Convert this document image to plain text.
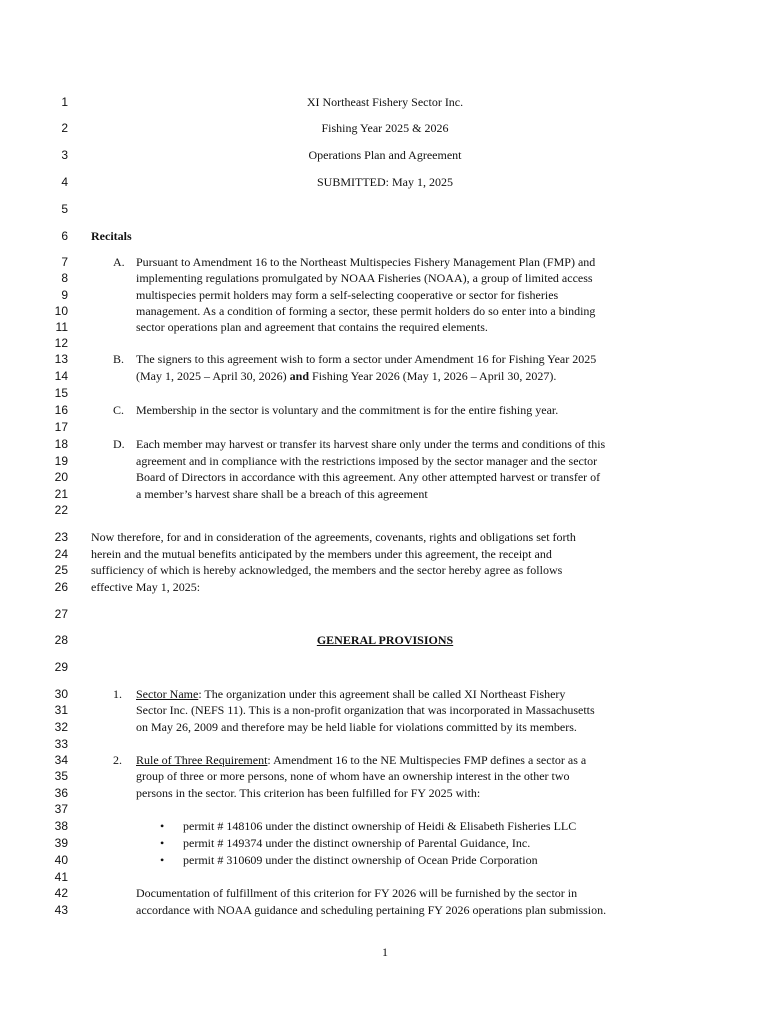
1
2
3
4
5
6
7
8
9
10
11
12
13
14
15
16
17
18
19
20
21
22
23
24
25
26
27
28
29
30
31
32
33
34
35
36
37
38
39
40
41
42
43
XI Northeast Fishery Sector Inc.
Fishing Year 2025 & 2026
Operations Plan and Agreement
SUBMITTED: May 1, 2025
Recitals
A. Pursuant to Amendment 16 to the Northeast Multispecies Fishery Management Plan (FMP) and
implementing regulations promulgated by NOAA Fisheries (NOAA), a group of limited access
multispecies permit holders may form a self-selecting cooperative or sector for fisheries
management. As a condition of forming a sector, these permit holders do so enter into a binding
sector operations plan and agreement that contains the required elements.
B. The signers to this agreement wish to form a sector under Amendment 16 for Fishing Year 2025
(May 1, 2025 – April 30, 2026) and Fishing Year 2026 (May 1, 2026 – April 30, 2027).
C. Membership in the sector is voluntary and the commitment is for the entire fishing year.
D. Each member may harvest or transfer its harvest share only under the terms and conditions of this
agreement and in compliance with the restrictions imposed by the sector manager and the sector
Board of Directors in accordance with this agreement. Any other attempted harvest or transfer of
a member’s harvest share shall be a breach of this agreement
Now therefore, for and in consideration of the agreements, covenants, rights and obligations set forth
herein and the mutual benefits anticipated by the members under this agreement, the receipt and
sufficiency of which is hereby acknowledged, the members and the sector hereby agree as follows
effective May 1, 2025:
GENERAL PROVISIONS
1. Sector Name: The organization under this agreement shall be called XI Northeast Fishery
Sector Inc. (NEFS 11). This is a non-profit organization that was incorporated in Massachusetts
on May 26, 2009 and therefore may be held liable for violations committed by its members.
2. Rule of Three Requirement: Amendment 16 to the NE Multispecies FMP defines a sector as a
group of three or more persons, none of whom have an ownership interest in the other two
persons in the sector. This criterion has been fulfilled for FY 2025 with:
• permit # 148106 under the distinct ownership of Heidi & Elisabeth Fisheries LLC
• permit # 149374 under the distinct ownership of Parental Guidance, Inc.
• permit # 310609 under the distinct ownership of Ocean Pride Corporation
Documentation of fulfillment of this criterion for FY 2026 will be furnished by the sector in
accordance with NOAA guidance and scheduling pertaining FY 2026 operations plan submission.
1
